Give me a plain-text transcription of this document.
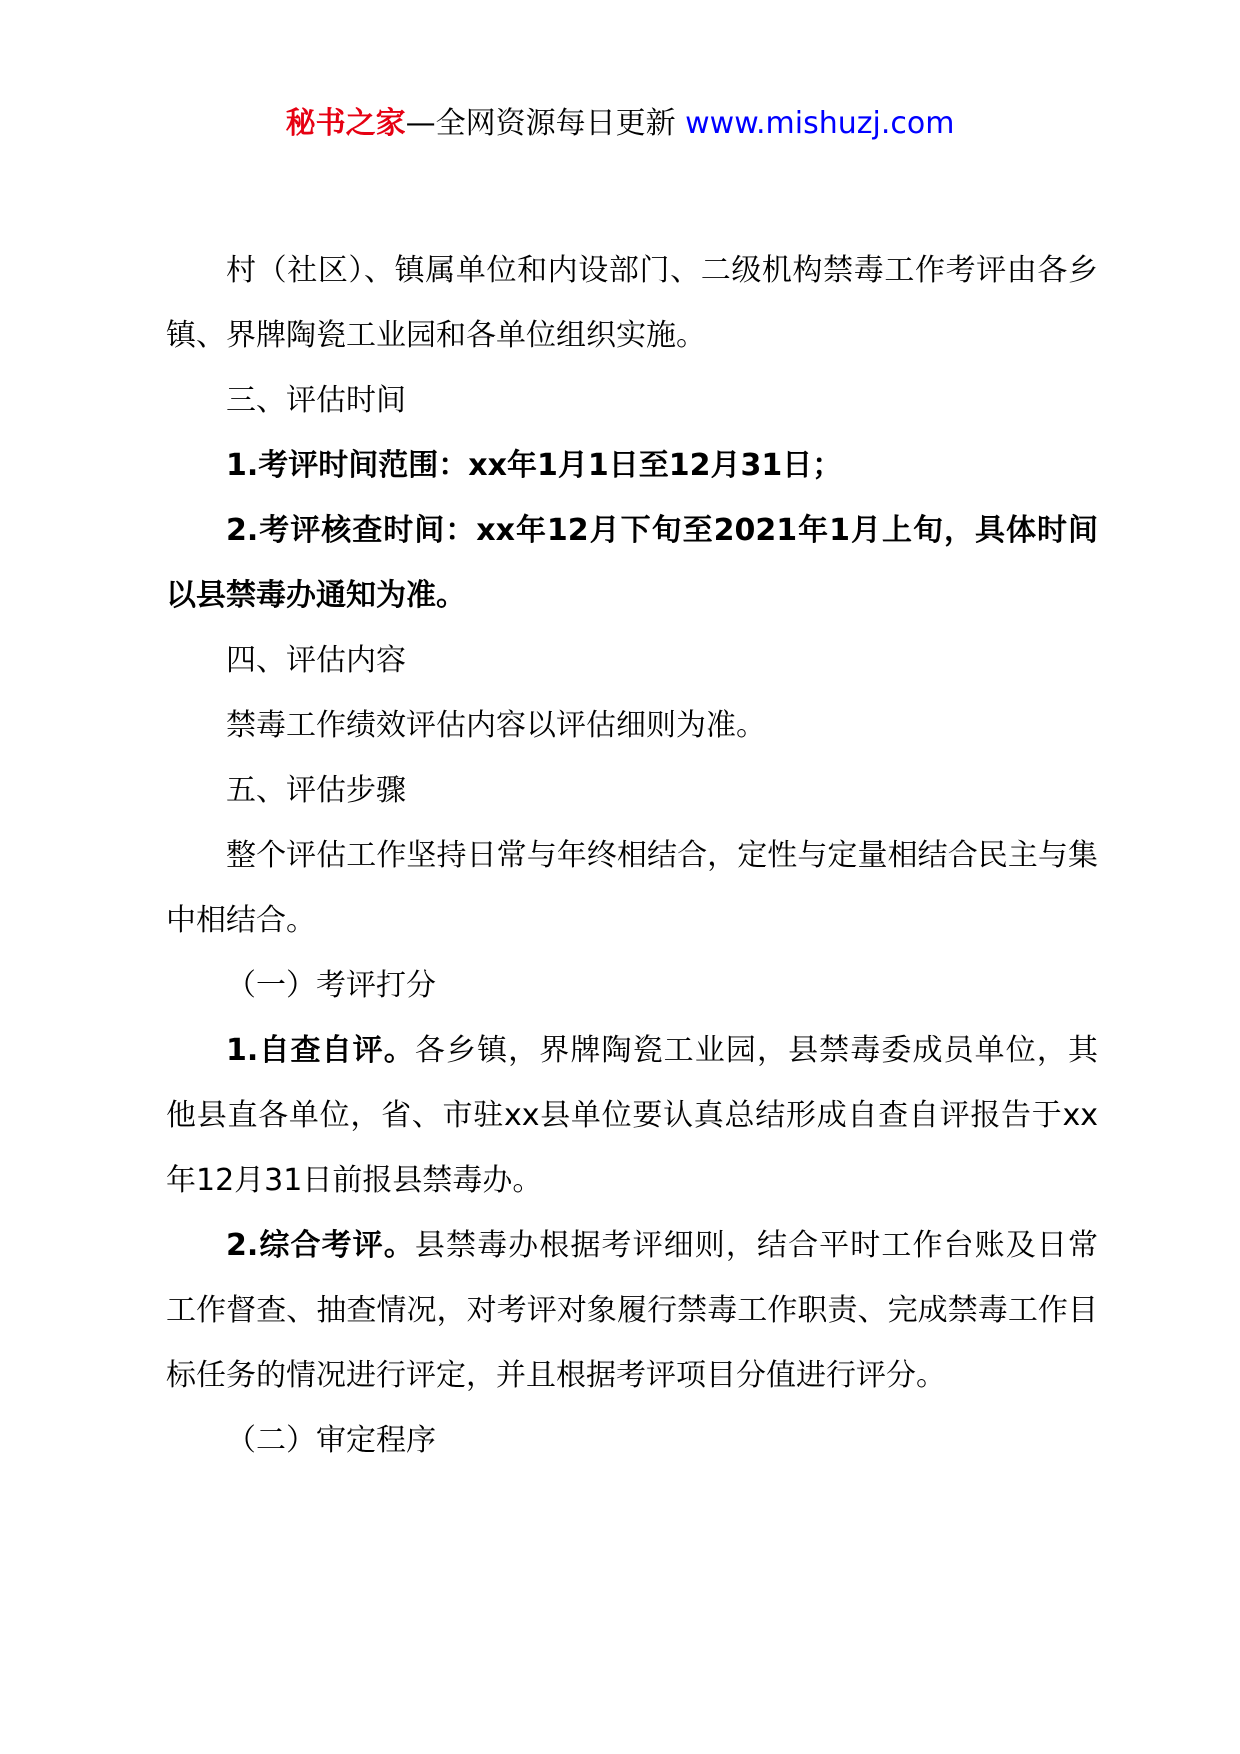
秘书之家—全网资源每日更新 www.mishuzj.com

村（社区）、镇属单位和内设部门、二级机构禁毒工作考评由各乡镇、界牌陶瓷工业园和各单位组织实施。

三、评估时间

1.考评时间范围：xx年1月1日至12月31日；

2.考评核查时间：xx年12月下旬至2021年1月上旬，具体时间以县禁毒办通知为准。

四、评估内容

禁毒工作绩效评估内容以评估细则为准。

五、评估步骤

整个评估工作坚持日常与年终相结合，定性与定量相结合民主与集中相结合。

（一）考评打分

1.自查自评。各乡镇，界牌陶瓷工业园，县禁毒委成员单位，其他县直各单位，省、市驻xx县单位要认真总结形成自查自评报告于xx年12月31日前报县禁毒办。

2.综合考评。县禁毒办根据考评细则，结合平时工作台账及日常工作督查、抽查情况，对考评对象履行禁毒工作职责、完成禁毒工作目标任务的情况进行评定，并且根据考评项目分值进行评分。

（二）审定程序
